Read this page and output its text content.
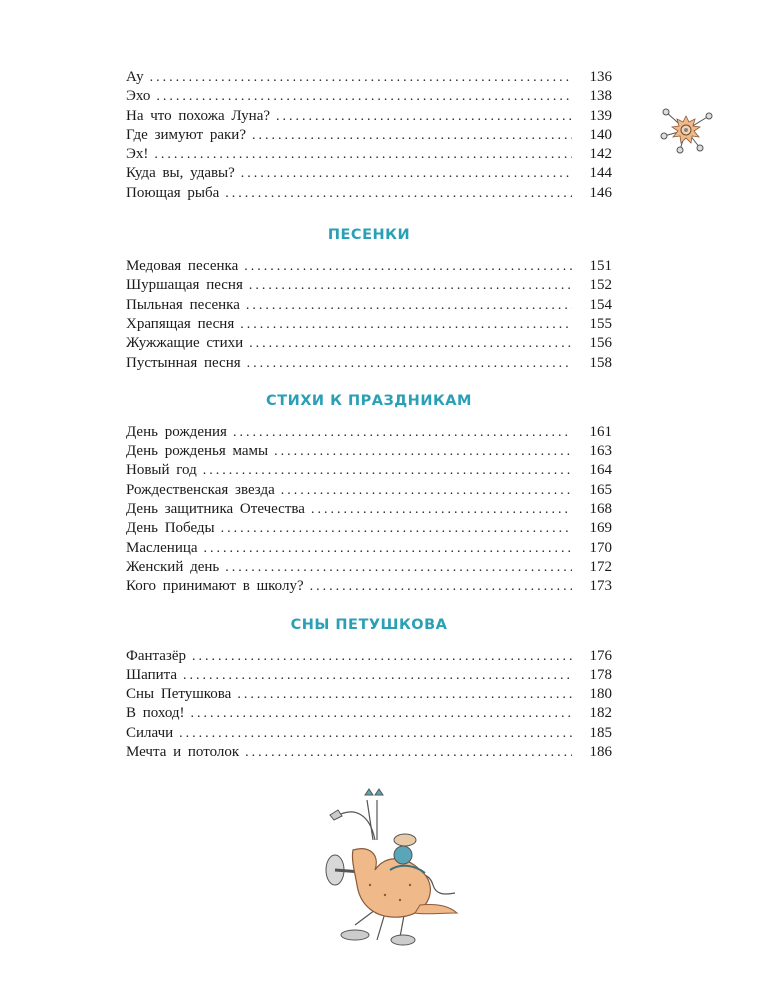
Ау . . .	136
Эхо . . .	138
На что похожа Луна? . . .	139
Где зимуют раки? . . .	140
Эх! . . .	142
Куда вы, удавы? . . .	144
Поющая рыба . . .	146
ПЕСЕНКИ
Медовая песенка . . .	151
Шуршащая песня . . .	152
Пыльная песенка . . .	154
Храпящая песня . . .	155
Жужжащие стихи . . .	156
Пустынная песня . . .	158
СТИХИ К ПРАЗДНИКАМ
День рождения . . .	161
День рожденья мамы . . .	163
Новый год . . .	164
Рождественская звезда . . .	165
День защитника Отечества . . .	168
День Победы . . .	169
Масленица . . .	170
Женский день . . .	172
Кого принимают в школу? . . .	173
СНЫ ПЕТУШКОВА
Фантазёр . . .	176
Шапита . . .	178
Сны Петушкова . . .	180
В поход! . . .	182
Силачи . . .	185
Мечта и потолок . . .	186
